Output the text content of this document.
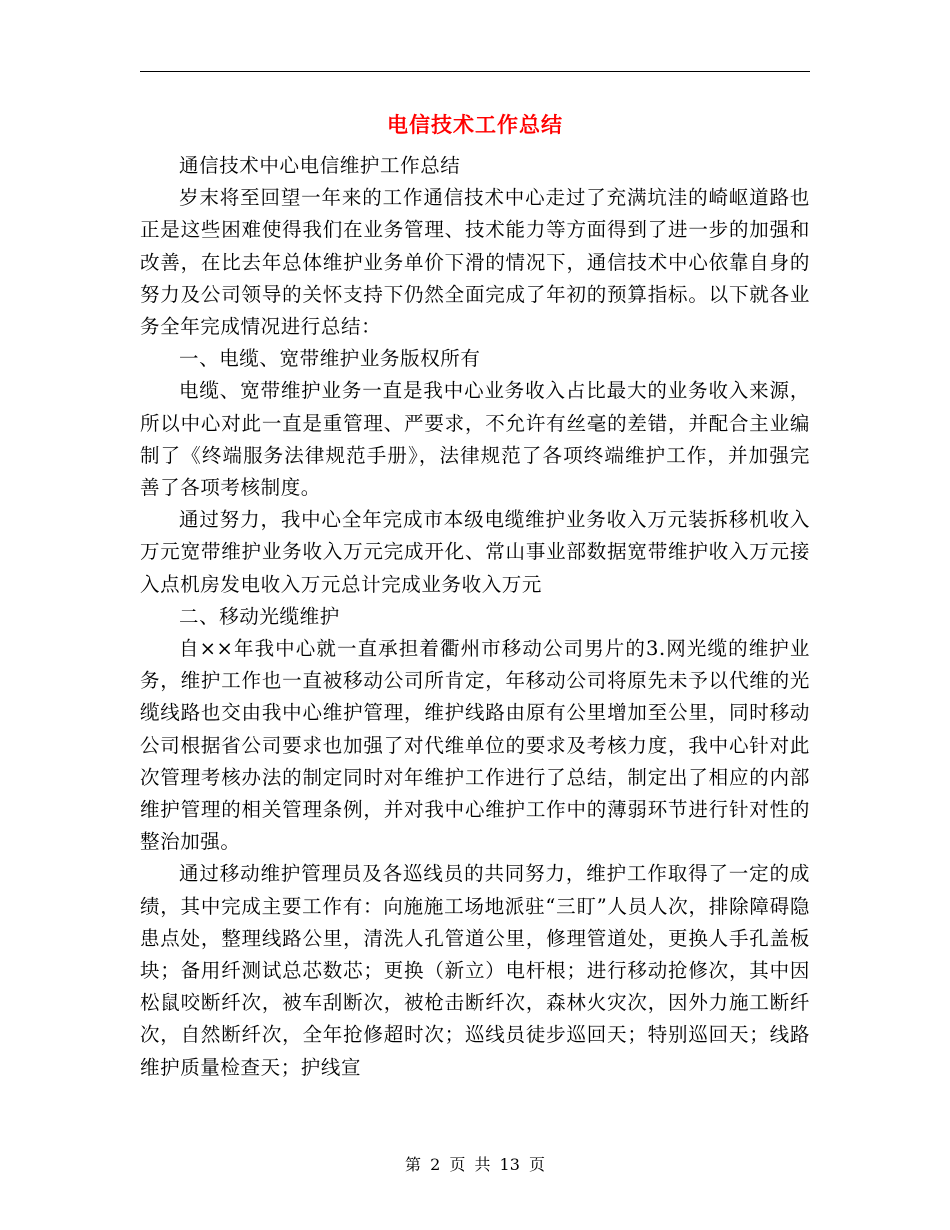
电信技术工作总结

通信技术中心电信维护工作总结

岁末将至回望一年来的工作通信技术中心走过了充满坑洼的崎岖道路也正是这些困难使得我们在业务管理、技术能力等方面得到了进一步的加强和改善，在比去年总体维护业务单价下滑的情况下，通信技术中心依靠自身的努力及公司领导的关怀支持下仍然全面完成了年初的预算指标。以下就各业务全年完成情况进行总结：

一、电缆、宽带维护业务版权所有

电缆、宽带维护业务一直是我中心业务收入占比最大的业务收入来源，所以中心对此一直是重管理、严要求，不允许有丝毫的差错，并配合主业编制了《终端服务法律规范手册》，法律规范了各项终端维护工作，并加强完善了各项考核制度。

通过努力，我中心全年完成市本级电缆维护业务收入万元装拆移机收入万元宽带维护业务收入万元完成开化、常山事业部数据宽带维护收入万元接入点机房发电收入万元总计完成业务收入万元

二、移动光缆维护

自××年我中心就一直承担着衢州市移动公司男片的3.网光缆的维护业务，维护工作也一直被移动公司所肯定，年移动公司将原先未予以代维的光缆线路也交由我中心维护管理，维护线路由原有公里增加至公里，同时移动公司根据省公司要求也加强了对代维单位的要求及考核力度，我中心针对此次管理考核办法的制定同时对年维护工作进行了总结，制定出了相应的内部维护管理的相关管理条例，并对我中心维护工作中的薄弱环节进行针对性的整治加强。

通过移动维护管理员及各巡线员的共同努力，维护工作取得了一定的成绩，其中完成主要工作有：向施施工场地派驻“三盯”人员人次，排除障碍隐患点处，整理线路公里，清洗人孔管道公里，修理管道处，更换人手孔盖板块；备用纤测试总芯数芯；更换（新立）电杆根；进行移动抢修次，其中因松鼠咬断纤次，被车刮断次，被枪击断纤次，森林火灾次，因外力施工断纤次，自然断纤次，全年抢修超时次；巡线员徒步巡回天；特别巡回天；线路维护质量检查天；护线宣

第 2 页 共 13 页
